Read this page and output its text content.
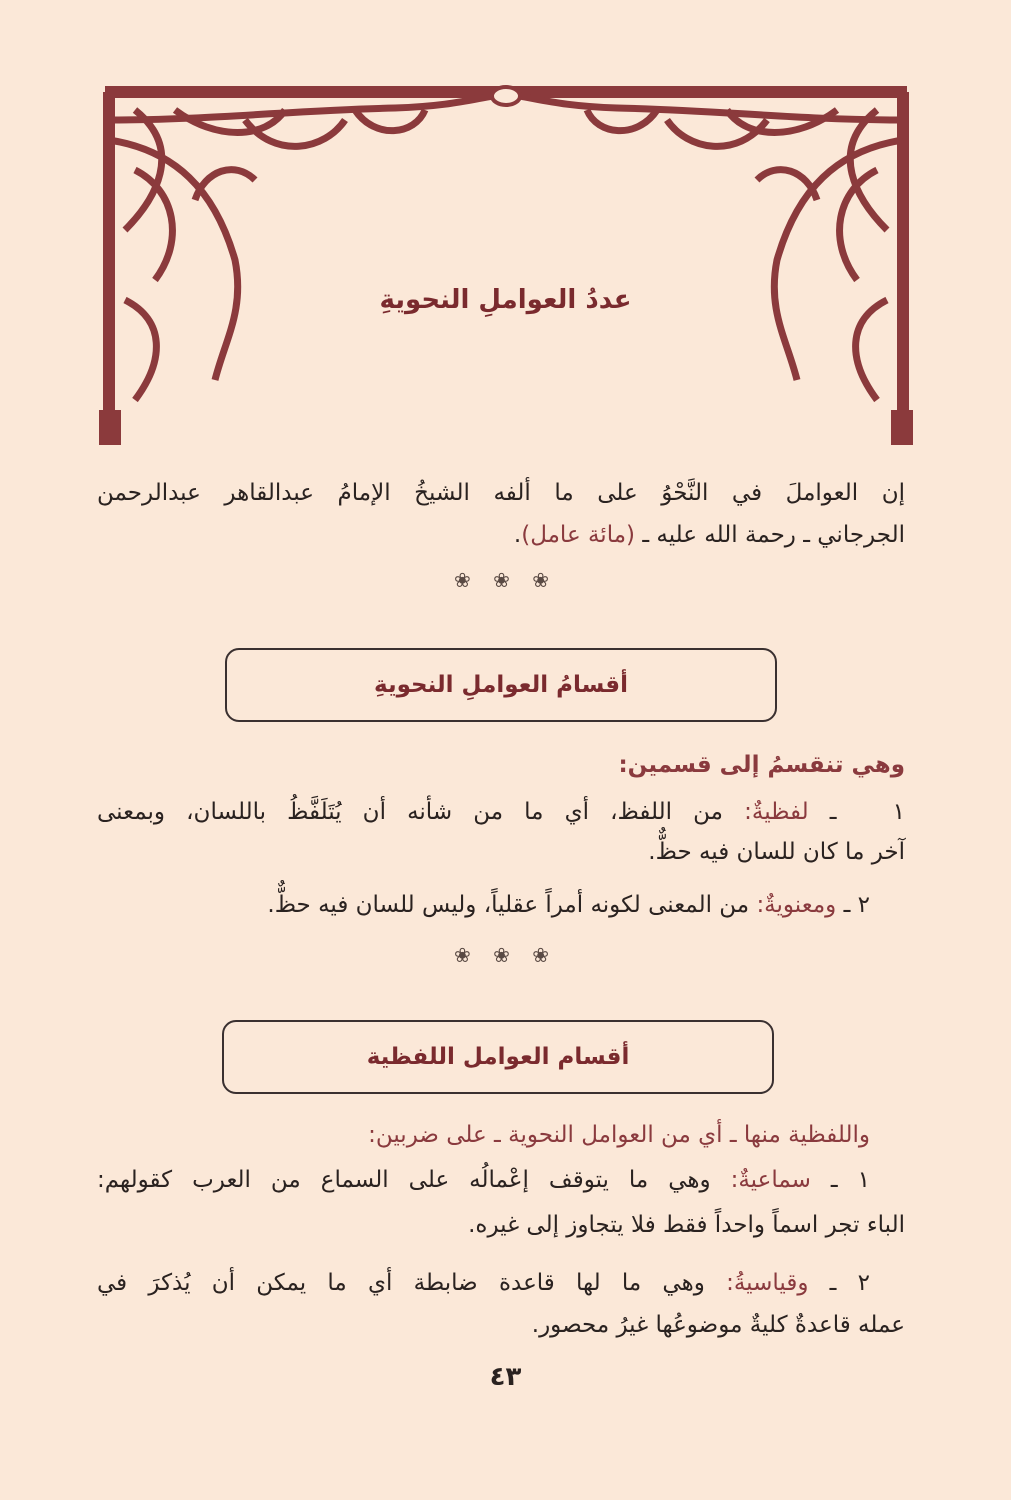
عددُ العواملِ النحويةِ
إن العواملَ في النَّحْوُ على ما ألفه الشيخُ الإمامُ عبدالقاهر عبدالرحمن
الجرجاني ـ رحمة الله عليه ـ (مائة عامل).
❀ ❀ ❀
أقسامُ العواملِ النحويةِ
وهي تنقسمُ إلى قسمين:
١ ـ لفظيةٌ: من اللفظ، أي ما من شأنه أن يُتَلَفَّظُ باللسان، وبمعنى
آخر ما كان للسان فيه حظٌّ.
٢ ـ ومعنويةٌ: من المعنى لكونه أمراً عقلياً، وليس للسان فيه حظٌّ.
❀ ❀ ❀
أقسام العوامل اللفظية
واللفظية منها ـ أي من العوامل النحوية ـ على ضربين:
١ ـ سماعيةٌ: وهي ما يتوقف إعْمالُه على السماع من العرب كقولهم:
الباء تجر اسماً واحداً فقط فلا يتجاوز إلى غيره.
٢ ـ وقياسيةُ: وهي ما لها قاعدة ضابطة أي ما يمكن أن يُذكرَ في
عمله قاعدةٌ كليةٌ موضوعُها غيرُ محصور.
٤٣
